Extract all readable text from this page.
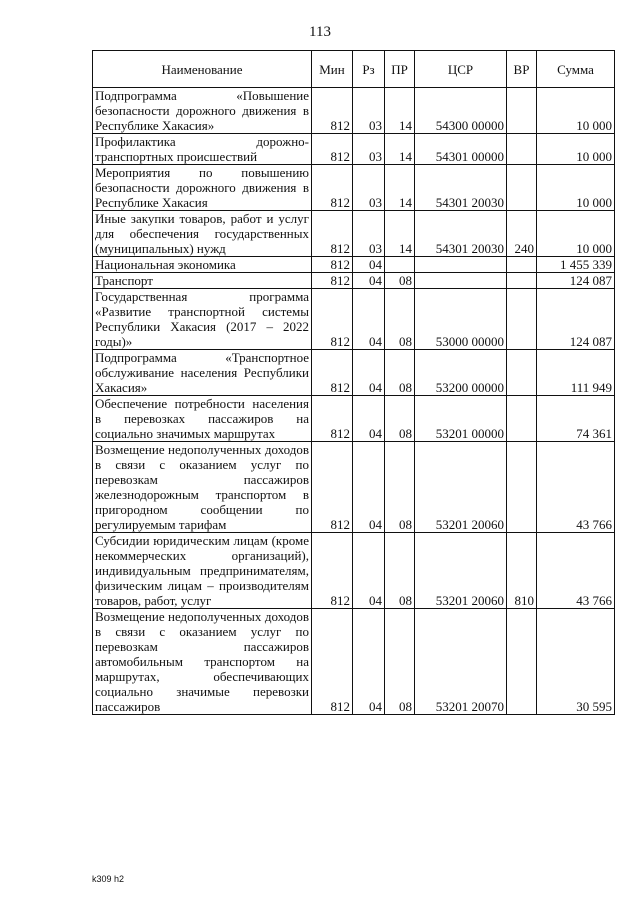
113
Наименование	Мин	Рз	ПР	ЦСР	ВР	Сумма
Подпрограмма «Повышение безопасности дорожного движения в Республике Хакасия»	812	03	14	54300 00000		10 000
Профилактика дорожно-транспортных происшествий	812	03	14	54301 00000		10 000
Мероприятия по повышению безопасности дорожного движения в Республике Хакасия	812	03	14	54301 20030		10 000
Иные закупки товаров, работ и услуг для обеспечения государственных (муниципальных) нужд	812	03	14	54301 20030	240	10 000
Национальная экономика	812	04				1 455 339
Транспорт	812	04	08			124 087
Государственная программа «Развитие транспортной системы Республики Хакасия (2017 – 2022 годы)»	812	04	08	53000 00000		124 087
Подпрограмма «Транспортное обслуживание населения Республики Хакасия»	812	04	08	53200 00000		111 949
Обеспечение потребности населения в перевозках пассажиров на социально значимых маршрутах	812	04	08	53201 00000		74 361
Возмещение недополученных доходов в связи с оказанием услуг по перевозкам пассажиров железнодорожным транспортом в пригородном сообщении по регулируемым тарифам	812	04	08	53201 20060		43 766
Субсидии юридическим лицам (кроме некоммерческих организаций), индивидуальным предпринимателям, физическим лицам – производителям товаров, работ, услуг	812	04	08	53201 20060	810	43 766
Возмещение недополученных доходов в связи с оказанием услуг по перевозкам пассажиров автомобильным транспортом на маршрутах, обеспечивающих социально значимые перевозки пассажиров	812	04	08	53201 20070		30 595
k309 h2
